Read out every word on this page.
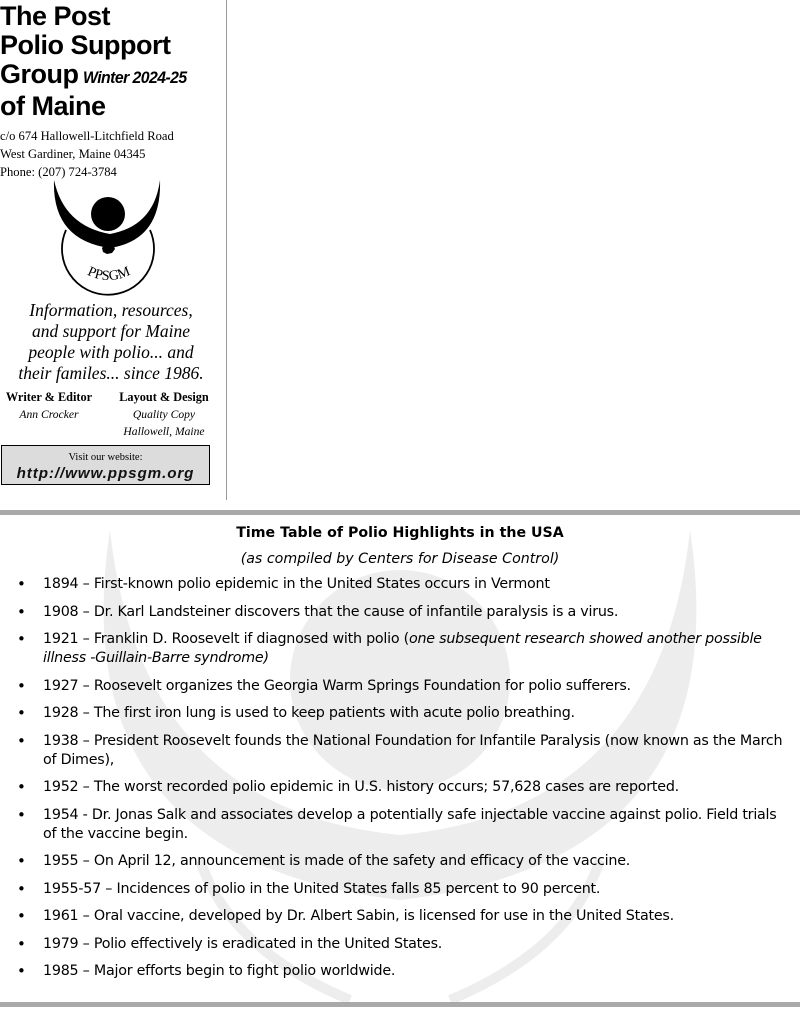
The Post
Polio Support
Group Winter 2024-25
of Maine
c/o 674 Hallowell-Litchfield Road
West Gardiner, Maine 04345
Phone: (207) 724-3784
PPSGM
Information, resources,
and support for Maine
people with polio... and
their familes... since 1986.
Writer & Editor
Ann Crocker
Layout & Design
Quality Copy
Hallowell, Maine
Visit our website:
http://www.ppsgm.org
Time Table of Polio Highlights in the USA
(as compiled by Centers for Disease Control)
• 1894 – First-known polio epidemic in the United States occurs in Vermont
• 1908 – Dr. Karl Landsteiner discovers that the cause of infantile paralysis is a virus.
• 1921 – Franklin D. Roosevelt if diagnosed with polio (one subsequent research showed another possible illness -Guillain-Barre syndrome)
• 1927 – Roosevelt organizes the Georgia Warm Springs Foundation for polio sufferers.
• 1928 – The first iron lung is used to keep patients with acute polio breathing.
• 1938 – President Roosevelt founds the National Foundation for Infantile Paralysis (now known as the March of Dimes),
• 1952 – The worst recorded polio epidemic in U.S. history occurs; 57,628 cases are reported.
• 1954 - Dr. Jonas Salk and associates develop a potentially safe injectable vaccine against polio. Field trials of the vaccine begin.
• 1955 – On April 12, announcement is made of the safety and efficacy of the vaccine.
• 1955-57 – Incidences of polio in the United States falls 85 percent to 90 percent.
• 1961 – Oral vaccine, developed by Dr. Albert Sabin, is licensed for use in the United States.
• 1979 – Polio effectively is eradicated in the United States.
• 1985 – Major efforts begin to fight polio worldwide.
